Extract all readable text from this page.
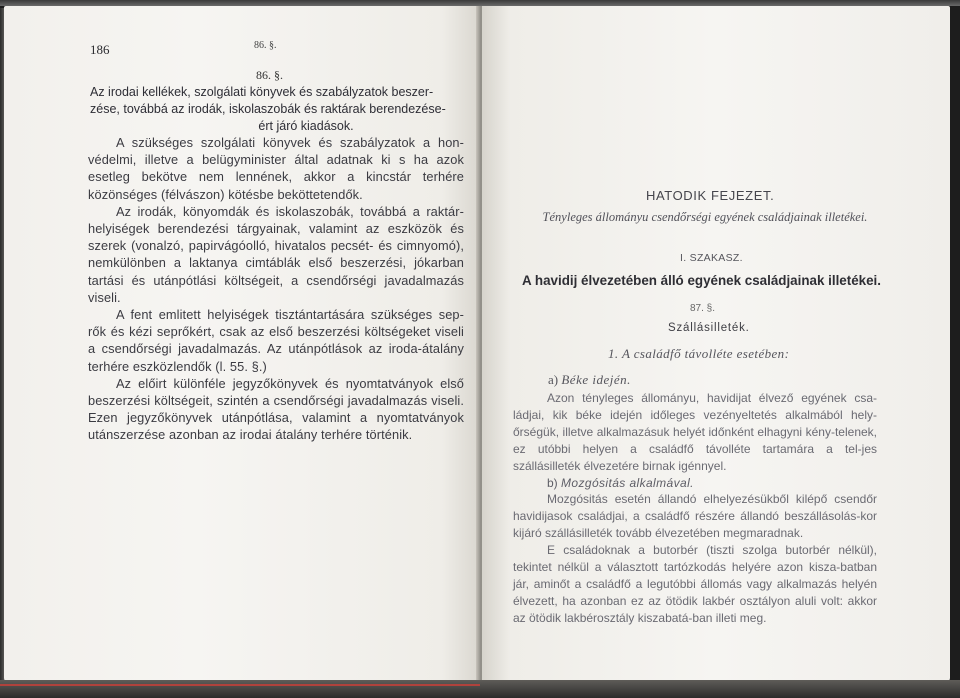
186	86. §.
86. §.
Az irodai kellékek, szolgálati könyvek és szabályzatok beszer-
zése, továbbá az irodák, iskolaszobák és raktárak berendezése-

ért járó kiadások.

A szükséges szolgálati könyvek és szabályzatok a hon-védelmi, illetve a belügyminister által adatnak ki s ha azok esetleg bekötve nem lennének, akkor a kincstár terhére közönséges (félvászon) kötésbe beköttetendők.

Az irodák, könyomdák és iskolaszobák, továbbá a raktár-helyiségek berendezési tárgyainak, valamint az eszközök és szerek (vonalzó, papirvágóolló, hivatalos pecsét- és cimnyomó), nemkülönben a laktanya cimtáblák első beszerzési, jókarban tartási és utánpótlási költségeit, a csendőrségi javadalmazás viseli.

A fent emlitett helyiségek tisztántartására szükséges sep-rők és kézi seprőkért, csak az első beszerzési költségeket viseli a csendőrségi javadalmazás. Az utánpótlások az iroda-átalány terhére eszközlendők (l. 55. §.)

Az előirt különféle jegyzőkönyvek és nyomtatványok első beszerzési költségeit, szintén a csendőrségi javadalmazás viseli. Ezen jegyzőkönyvek utánpótlása, valamint a nyomtatványok utánszerzése azonban az irodai átalány terhére történik.

HATODIK FEJEZET.
Tényleges állományu csendőrségi egyének családjainak illetékei.
I. SZAKASZ.
A havidij élvezetében álló egyének családjainak illetékei.
87. §.
Szállásilleték.
1. A családfő távollétе esetében:
a) Béke idején.

Azon tényleges állományu, havidijat élvező egyének csa-ládjai, kik béke idején időleges vezényeltetés alkalmából hely-őrségük, illetve alkalmazásuk helyét időnként elhagyni kény-telenek, ez utóbbi helyen a családfő távollétе tartamára a tel-jes szállásilleték élvezetére birnak igénnyel.

b) Mozgósitás alkalmával.

Mozgósitás esetén állandó elhelyezésükből kilépő csendőr havidijasok családjai, a családfő részére állandó beszállásolás-kor kijáró szállásilleték tovább élvezetében megmaradnak.

E családoknak a butorbér (tiszti szolga butorbér nélkül), tekintet nélkül a választott tartózkodás helyére azon kisza-batban jár, aminőt a családfő a legutóbbi állomás vagy alkalmazás helyén élvezett, ha azonban ez az ötödik lakbér osztályon aluli volt: akkor az ötödik lakbérosztály kiszabatá-ban illeti meg.
